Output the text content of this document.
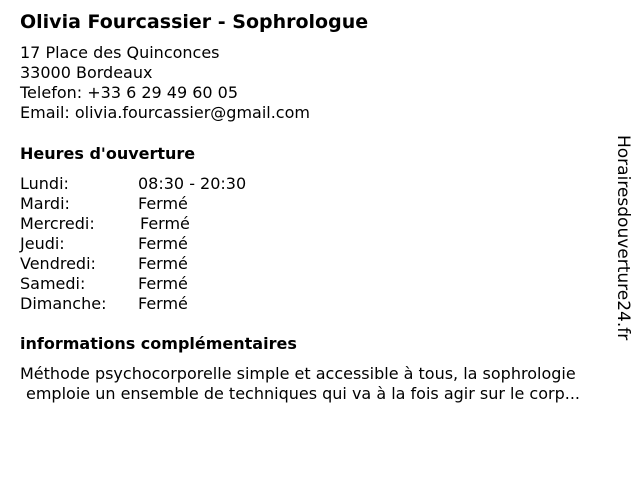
Olivia Fourcassier - Sophrologue
17 Place des Quinconces
33000 Bordeaux
Telefon: +33 6 29 49 60 05
Email: olivia.fourcassier@gmail.com
Heures d'ouverture
Lundi:	08:30 - 20:30
Mardi:	Fermé
Mercredi:	Fermé
Jeudi:	Fermé
Vendredi:	Fermé
Samedi:	Fermé
Dimanche: Fermé
informations complémentaires
Méthode psychocorporelle simple et accessible à tous, la sophrologie
emploie un ensemble de techniques qui va à la fois agir sur le corp...
Horairesdouverture24.fr
